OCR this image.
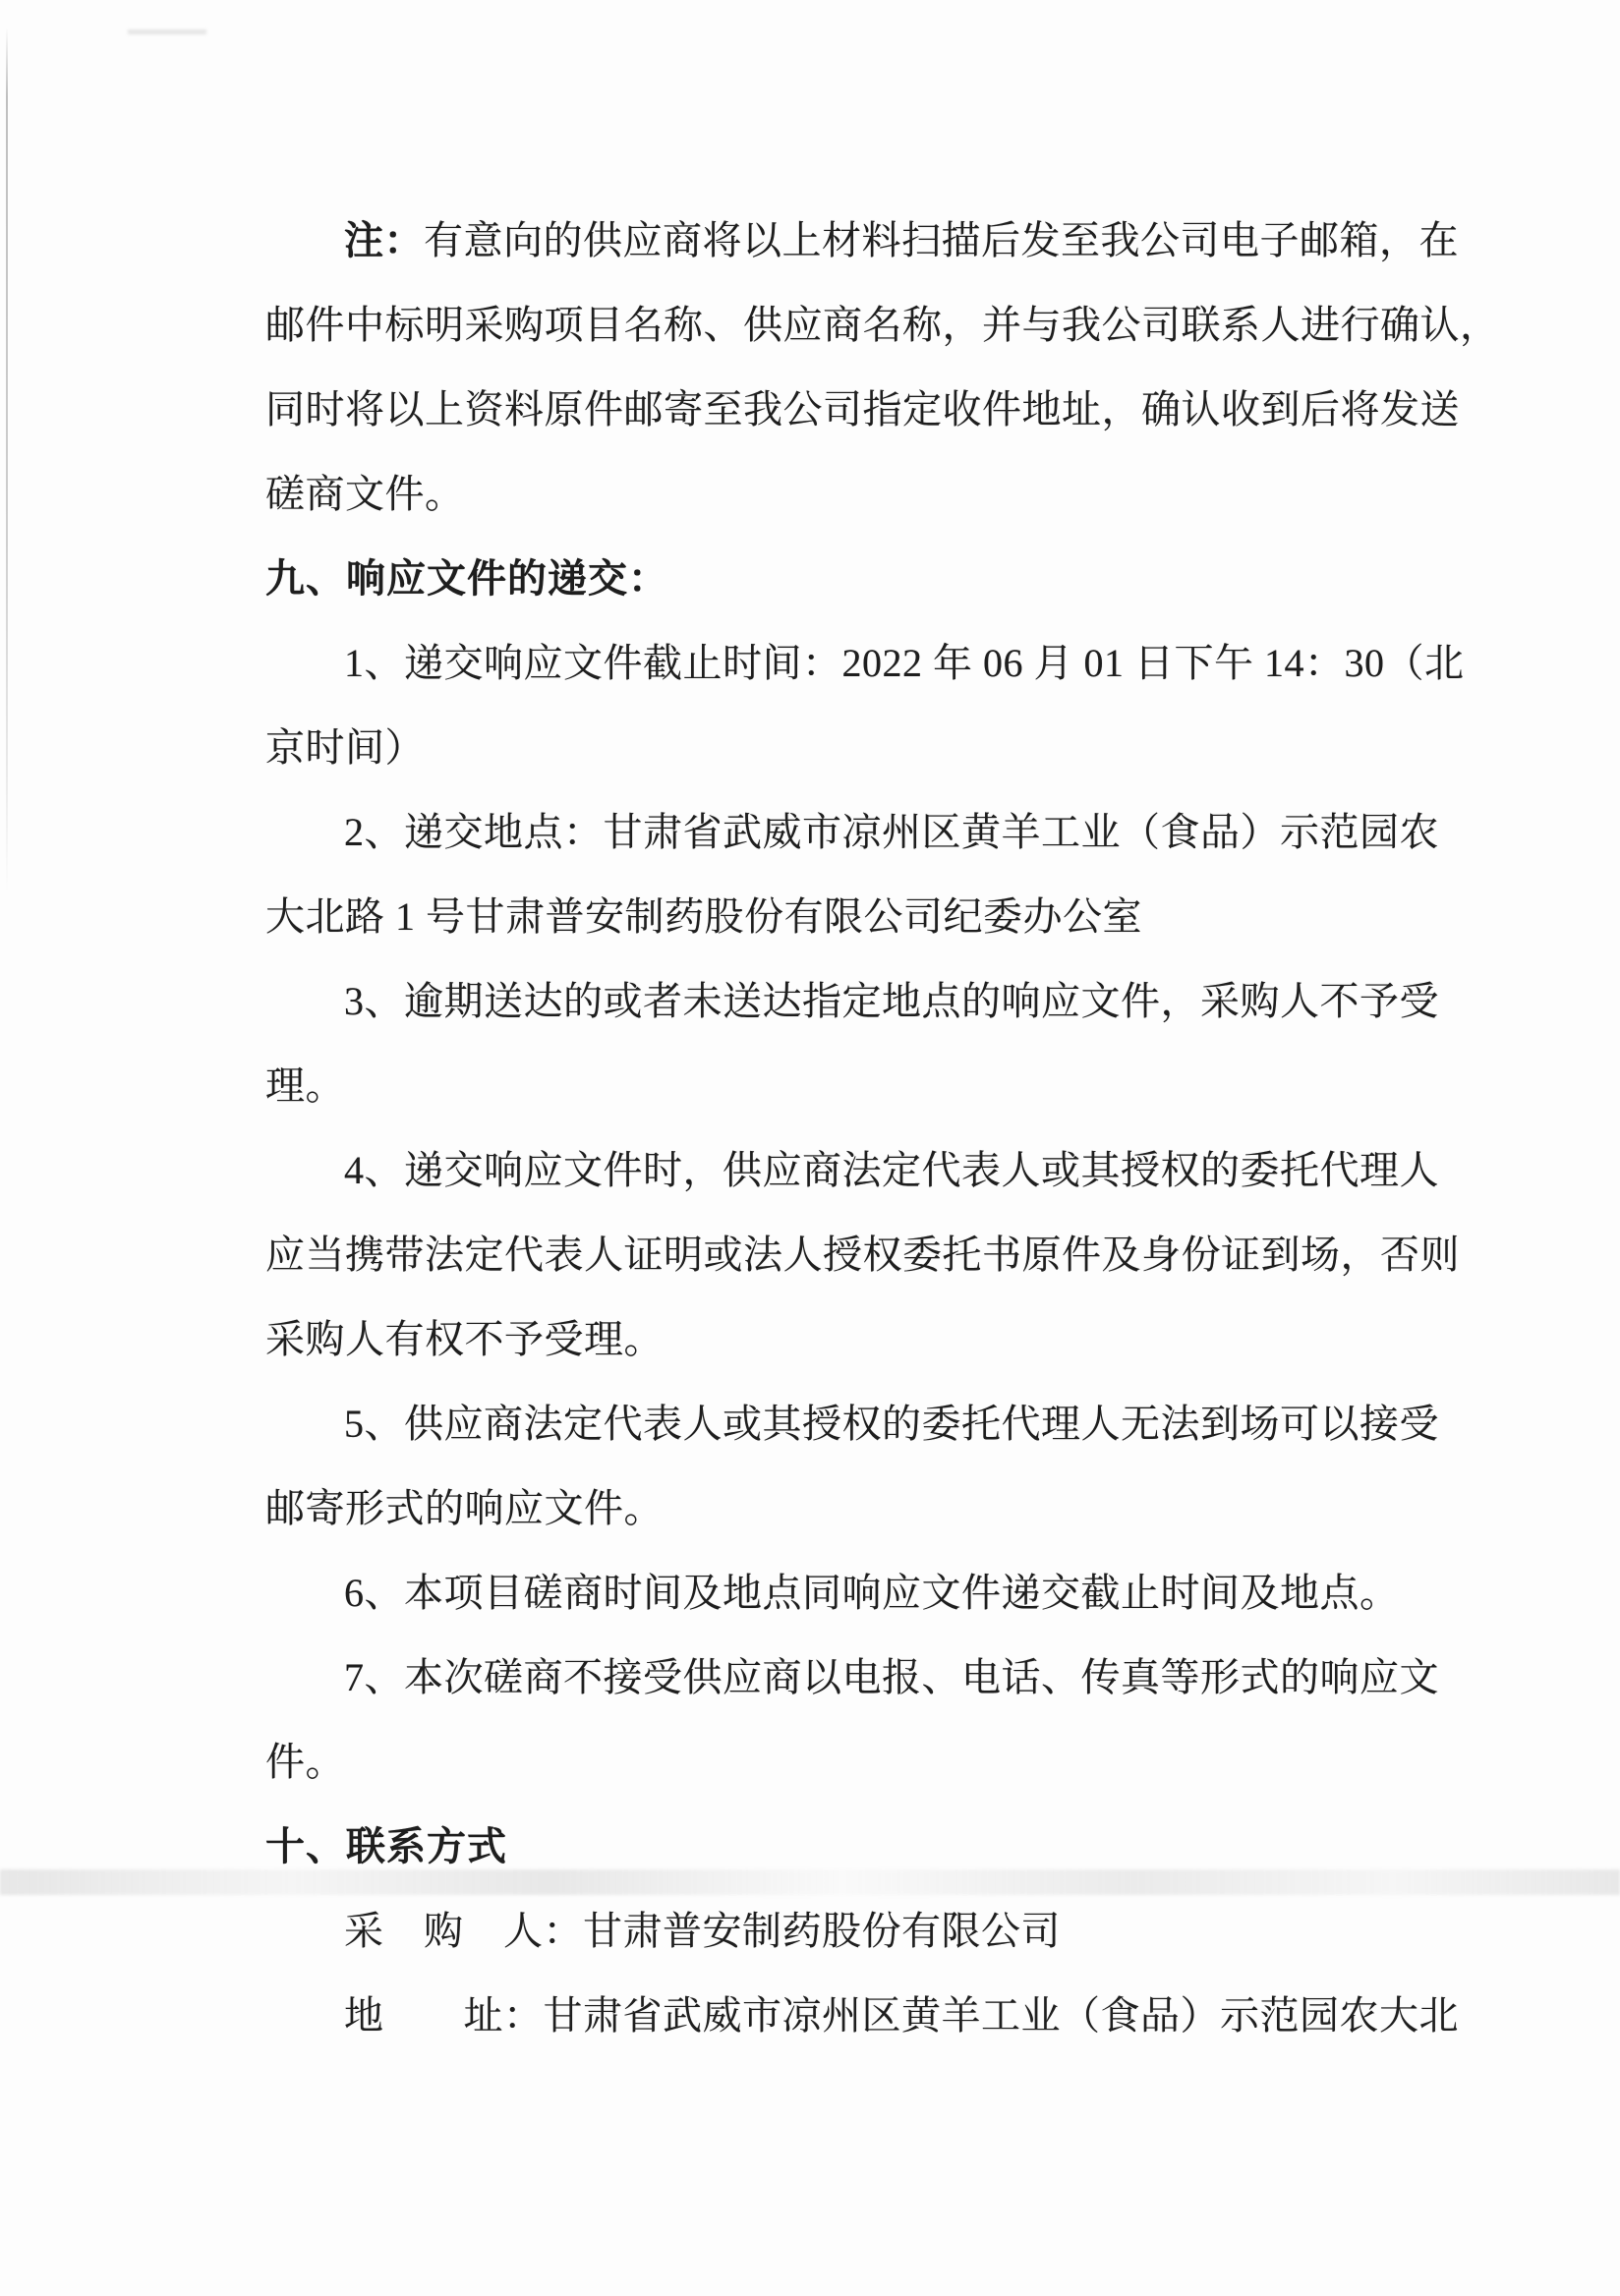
注：有意向的供应商将以上材料扫描后发至我公司电子邮箱，在

邮件中标明采购项目名称、供应商名称，并与我公司联系人进行确认，

同时将以上资料原件邮寄至我公司指定收件地址，确认收到后将发送

磋商文件。

九、响应文件的递交：

1、递交响应文件截止时间：2022 年 06 月 01 日下午 14：30（北

京时间）

2、递交地点：甘肃省武威市凉州区黄羊工业（食品）示范园农

大北路 1 号甘肃普安制药股份有限公司纪委办公室

3、逾期送达的或者未送达指定地点的响应文件，采购人不予受

理。

4、递交响应文件时，供应商法定代表人或其授权的委托代理人

应当携带法定代表人证明或法人授权委托书原件及身份证到场，否则

采购人有权不予受理。

5、供应商法定代表人或其授权的委托代理人无法到场可以接受

邮寄形式的响应文件。

6、本项目磋商时间及地点同响应文件递交截止时间及地点。

7、本次磋商不接受供应商以电报、电话、传真等形式的响应文

件。

十、联系方式

采　购　人：甘肃普安制药股份有限公司

地　　址：甘肃省武威市凉州区黄羊工业（食品）示范园农大北
